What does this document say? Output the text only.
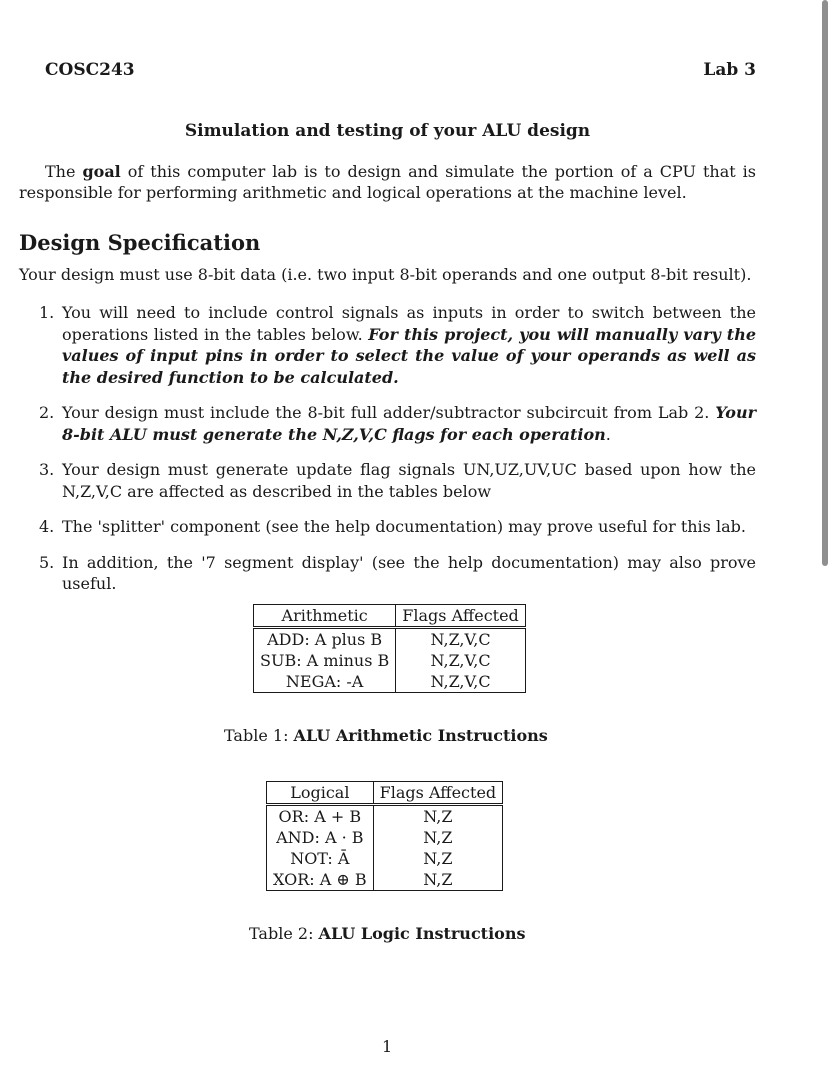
COSC243	Lab 3
Simulation and testing of your ALU design
The goal of this computer lab is to design and simulate the portion of a CPU that is responsible for performing arithmetic and logical operations at the machine level.
Design Specification
Your design must use 8-bit data (i.e. two input 8-bit operands and one output 8-bit result).
1. You will need to include control signals as inputs in order to switch between the operations listed in the tables below. For this project, you will manually vary the values of input pins in order to select the value of your operands as well as the desired function to be calculated.
2. Your design must include the 8-bit full adder/subtractor subcircuit from Lab 2. Your 8-bit ALU must generate the N,Z,V,C flags for each operation.
3. Your design must generate update flag signals UN,UZ,UV,UC based upon how the N,Z,V,C are affected as described in the tables below
4. The 'splitter' component (see the help documentation) may prove useful for this lab.
5. In addition, the '7 segment display' (see the help documentation) may also prove useful.
Arithmetic	Flags Affected
ADD: A plus B	N,Z,V,C
SUB: A minus B	N,Z,V,C
NEGA: -A	N,Z,V,C
Table 1: ALU Arithmetic Instructions
Logical	Flags Affected
OR: A + B	N,Z
AND: A · B	N,Z
NOT: Ā	N,Z
XOR: A ⊕ B	N,Z
Table 2: ALU Logic Instructions
1
